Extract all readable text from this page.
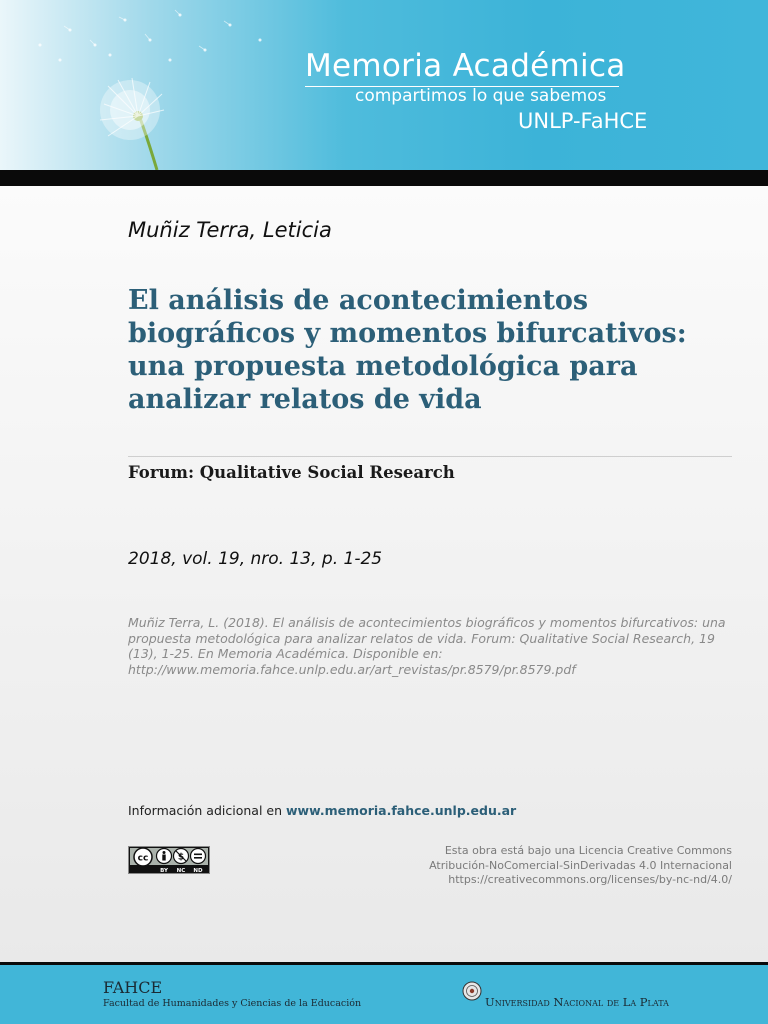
Memoria Académica
compartimos lo que sabemos
UNLP-FaHCE
Muñiz Terra, Leticia
El análisis de acontecimientos biográficos y momentos bifurcativos: una propuesta metodológica para analizar relatos de vida
Forum: Qualitative Social Research
2018, vol. 19, nro. 13, p. 1-25
Muñiz Terra, L. (2018). El análisis de acontecimientos biográficos y momentos bifurcativos: una propuesta metodológica para analizar relatos de vida. Forum: Qualitative Social Research, 19 (13), 1-25. En Memoria Académica. Disponible en: http://www.memoria.fahce.unlp.edu.ar/art_revistas/pr.8579/pr.8579.pdf
Información adicional en www.memoria.fahce.unlp.edu.ar
cc	$
BY NC ND
Esta obra está bajo una Licencia Creative Commons
Atribución-NoComercial-SinDerivadas 4.0 Internacional
https://creativecommons.org/licenses/by-nc-nd/4.0/
FAHCE
Facultad de Humanidades y Ciencias de la Educación	Universidad Nacional de La Plata
